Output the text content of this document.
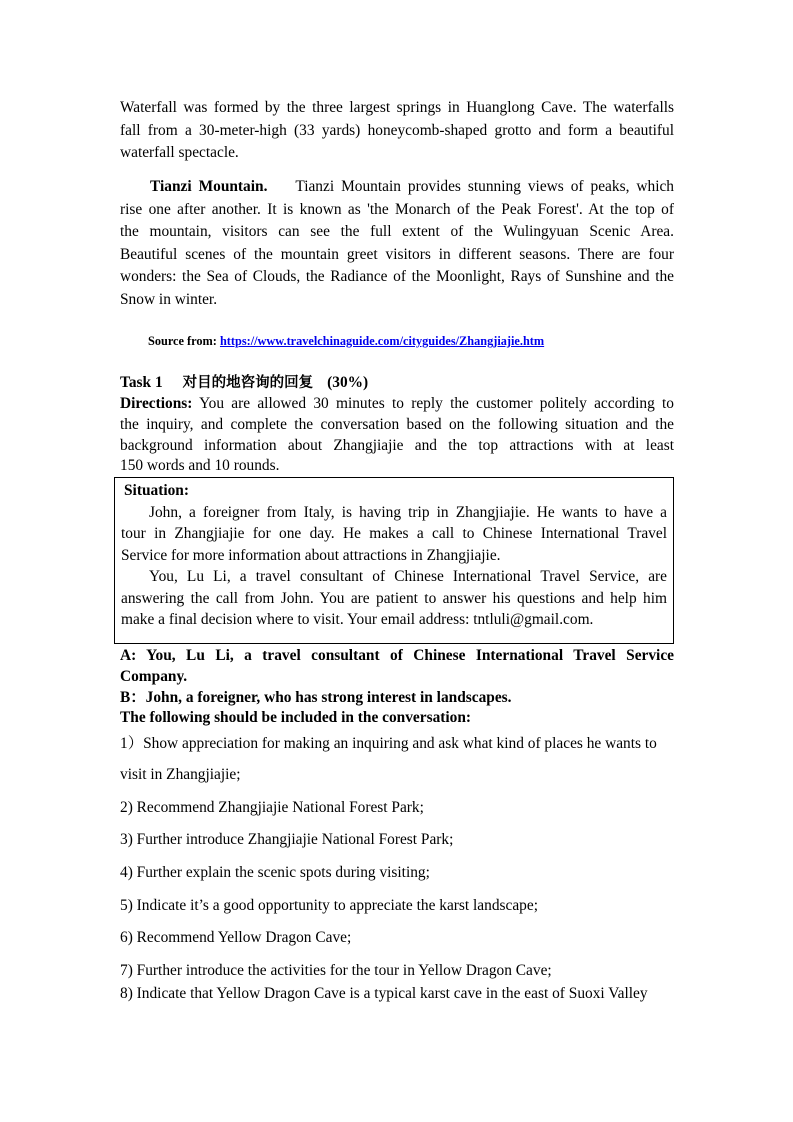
Waterfall was formed by the three largest springs in Huanglong Cave. The waterfalls
fall from a 30-meter-high (33 yards) honeycomb-shaped grotto and form a beautiful
waterfall spectacle.
Tianzi Mountain. Tianzi Mountain provides stunning views of peaks, which
rise one after another. It is known as 'the Monarch of the Peak Forest'. At the top of
the mountain, visitors can see the full extent of the Wulingyuan Scenic Area.
Beautiful scenes of the mountain greet visitors in different seasons. There are four
wonders: the Sea of Clouds, the Radiance of the Moonlight, Rays of Sunshine and the
Snow in winter.
Source from: https://www.travelchinaguide.com/cityguides/Zhangjiajie.htm
Task 1 对目的地咨询的回复 (30%)
Directions: You are allowed 30 minutes to reply the customer politely according to
the inquiry, and complete the conversation based on the following situation and the
background information about Zhangjiajie and the top attractions with at least
150 words and 10 rounds.
Situation:
John, a foreigner from Italy, is having trip in Zhangjiajie. He wants to have a
tour in Zhangjiajie for one day. He makes a call to Chinese International Travel
Service for more information about attractions in Zhangjiajie.
You, Lu Li, a travel consultant of Chinese International Travel Service, are
answering the call from John. You are patient to answer his questions and help him
make a final decision where to visit. Your email address: tntluli@gmail.com.
A: You, Lu Li, a travel consultant of Chinese International Travel Service
Company.
B：John, a foreigner, who has strong interest in landscapes.
The following should be included in the conversation:
1）Show appreciation for making an inquiring and ask what kind of places he wants to
visit in Zhangjiajie;
2) Recommend Zhangjiajie National Forest Park;
3) Further introduce Zhangjiajie National Forest Park;
4) Further explain the scenic spots during visiting;
5) Indicate it’s a good opportunity to appreciate the karst landscape;
6) Recommend Yellow Dragon Cave;
7) Further introduce the activities for the tour in Yellow Dragon Cave;
8) Indicate that Yellow Dragon Cave is a typical karst cave in the east of Suoxi Valley
